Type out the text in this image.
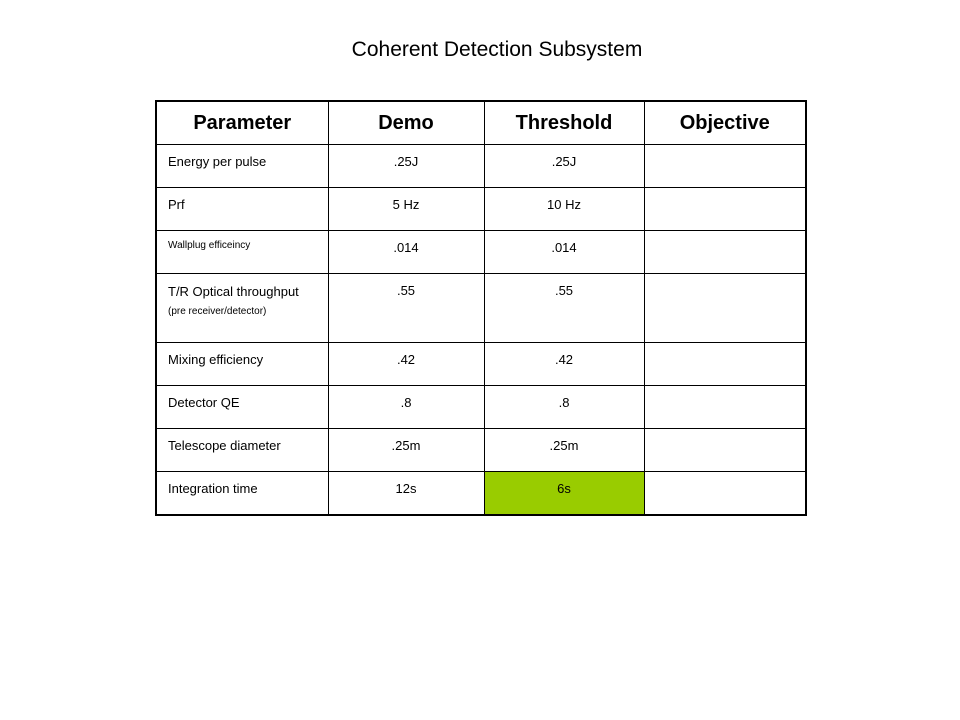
Coherent Detection Subsystem
Parameter	Demo	Threshold	Objective
Energy per pulse	.25J	.25J	
Prf	5 Hz	10 Hz	
Wallplug efficeincy	.014	.014	

T/R Optical throughput
(pre receiver/detector)	.55	.55	
Mixing efficiency	.42	.42	
Detector QE	.8	.8	
Telescope diameter	.25m	.25m	
Integration time	12s	6s	
